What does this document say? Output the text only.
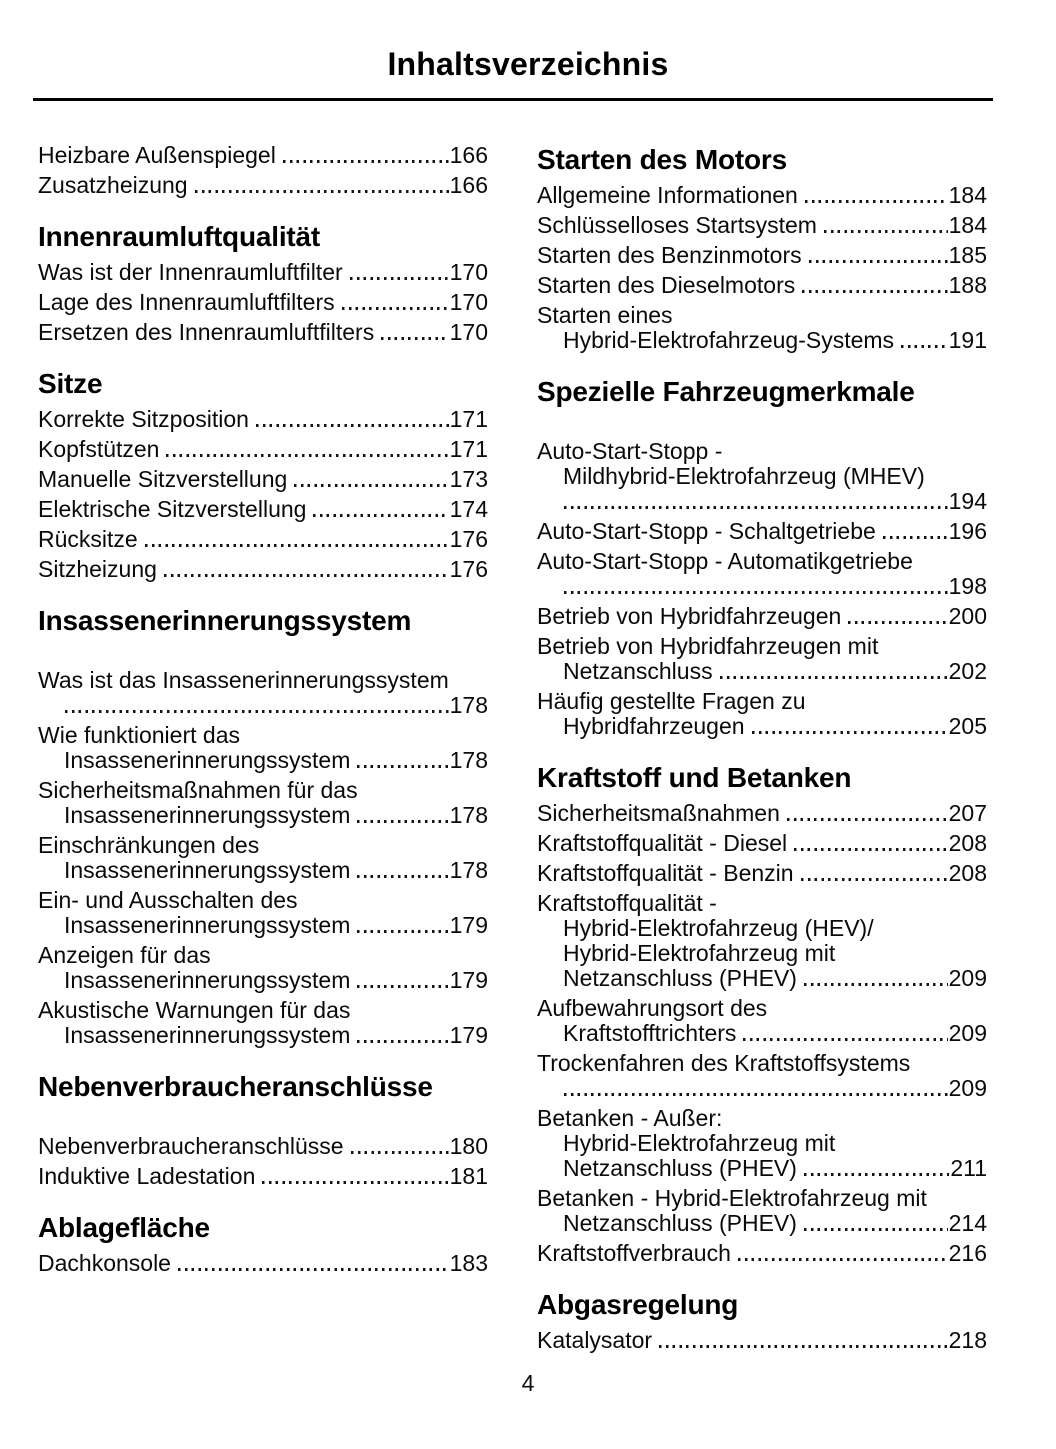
Inhaltsverzeichnis
Heizbare Außenspiegel	166
Zusatzheizung	166
Innenraumluftqualität
Was ist der Innenraumluftfilter	170
Lage des Innenraumluftfilters	170
Ersetzen des Innenraumluftfilters	170
Sitze
Korrekte Sitzposition	171
Kopfstützen	171
Manuelle Sitzverstellung	173
Elektrische Sitzverstellung	174
Rücksitze	176
Sitzheizung	176
Insassenerinnerungssystem
Was ist das Insassenerinnerungssystem
178
Wie funktioniert das
Insassenerinnerungssystem	178
Sicherheitsmaßnahmen für das
Insassenerinnerungssystem	178
Einschränkungen des
Insassenerinnerungssystem	178
Ein- und Ausschalten des
Insassenerinnerungssystem	179
Anzeigen für das
Insassenerinnerungssystem	179
Akustische Warnungen für das
Insassenerinnerungssystem	179
Nebenverbraucheranschlüsse
Nebenverbraucheranschlüsse	180
Induktive Ladestation	181
Ablagefläche
Dachkonsole	183
Starten des Motors
Allgemeine Informationen	184
Schlüsselloses Startsystem	184
Starten des Benzinmotors	185
Starten des Dieselmotors	188
Starten eines
Hybrid-Elektrofahrzeug-Systems 191
Spezielle Fahrzeugmerkmale
Auto-Start-Stopp -
Mildhybrid-Elektrofahrzeug (MHEV)
194
Auto-Start-Stopp - Schaltgetriebe	196
Auto-Start-Stopp - Automatikgetriebe
198
Betrieb von Hybridfahrzeugen	200
Betrieb von Hybridfahrzeugen mit
Netzanschluss	202
Häufig gestellte Fragen zu
Hybridfahrzeugen	205
Kraftstoff und Betanken
Sicherheitsmaßnahmen	207
Kraftstoffqualität - Diesel	208
Kraftstoffqualität - Benzin	208
Kraftstoffqualität -
Hybrid-Elektrofahrzeug (HEV)/
Hybrid-Elektrofahrzeug mit
Netzanschluss (PHEV)	209
Aufbewahrungsort des
Kraftstofftrichters	209
Trockenfahren des Kraftstoffsystems
209
Betanken - Außer:
Hybrid-Elektrofahrzeug mit
Netzanschluss (PHEV)	211
Betanken - Hybrid-Elektrofahrzeug mit
Netzanschluss (PHEV)	214
Kraftstoffverbrauch	216
Abgasregelung
Katalysator	218
4
